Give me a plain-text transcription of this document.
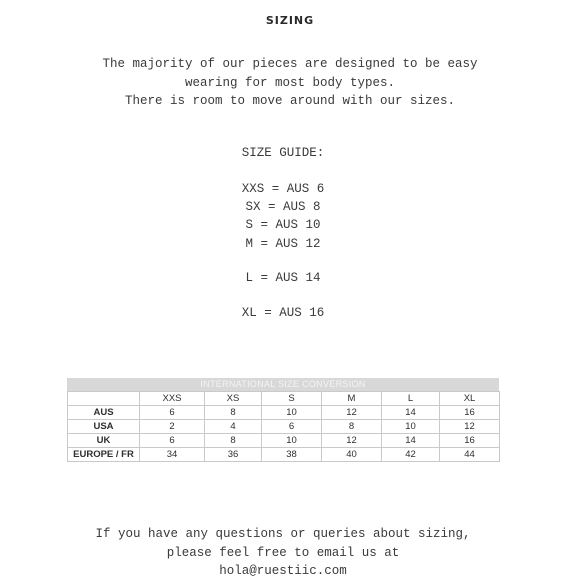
SIZING
The majority of our pieces are designed to be easy
wearing for most body types.
There is room to move around with our sizes.
SIZE GUIDE:
XXS = AUS 6
SX = AUS 8
S = AUS 10
M = AUS 12
L = AUS 14
XL = AUS 16
INTERNATIONAL SIZE CONVERSION
	XXS	XS	S	M	L	XL
AUS	6	8	10	12	14	16
USA	2	4	6	8	10	12
UK	6	8	10	12	14	16
EUROPE / FR	34	36	38	40	42	44
If you have any questions or queries about sizing,
please feel free to email us at
hola@ruestiic.com
